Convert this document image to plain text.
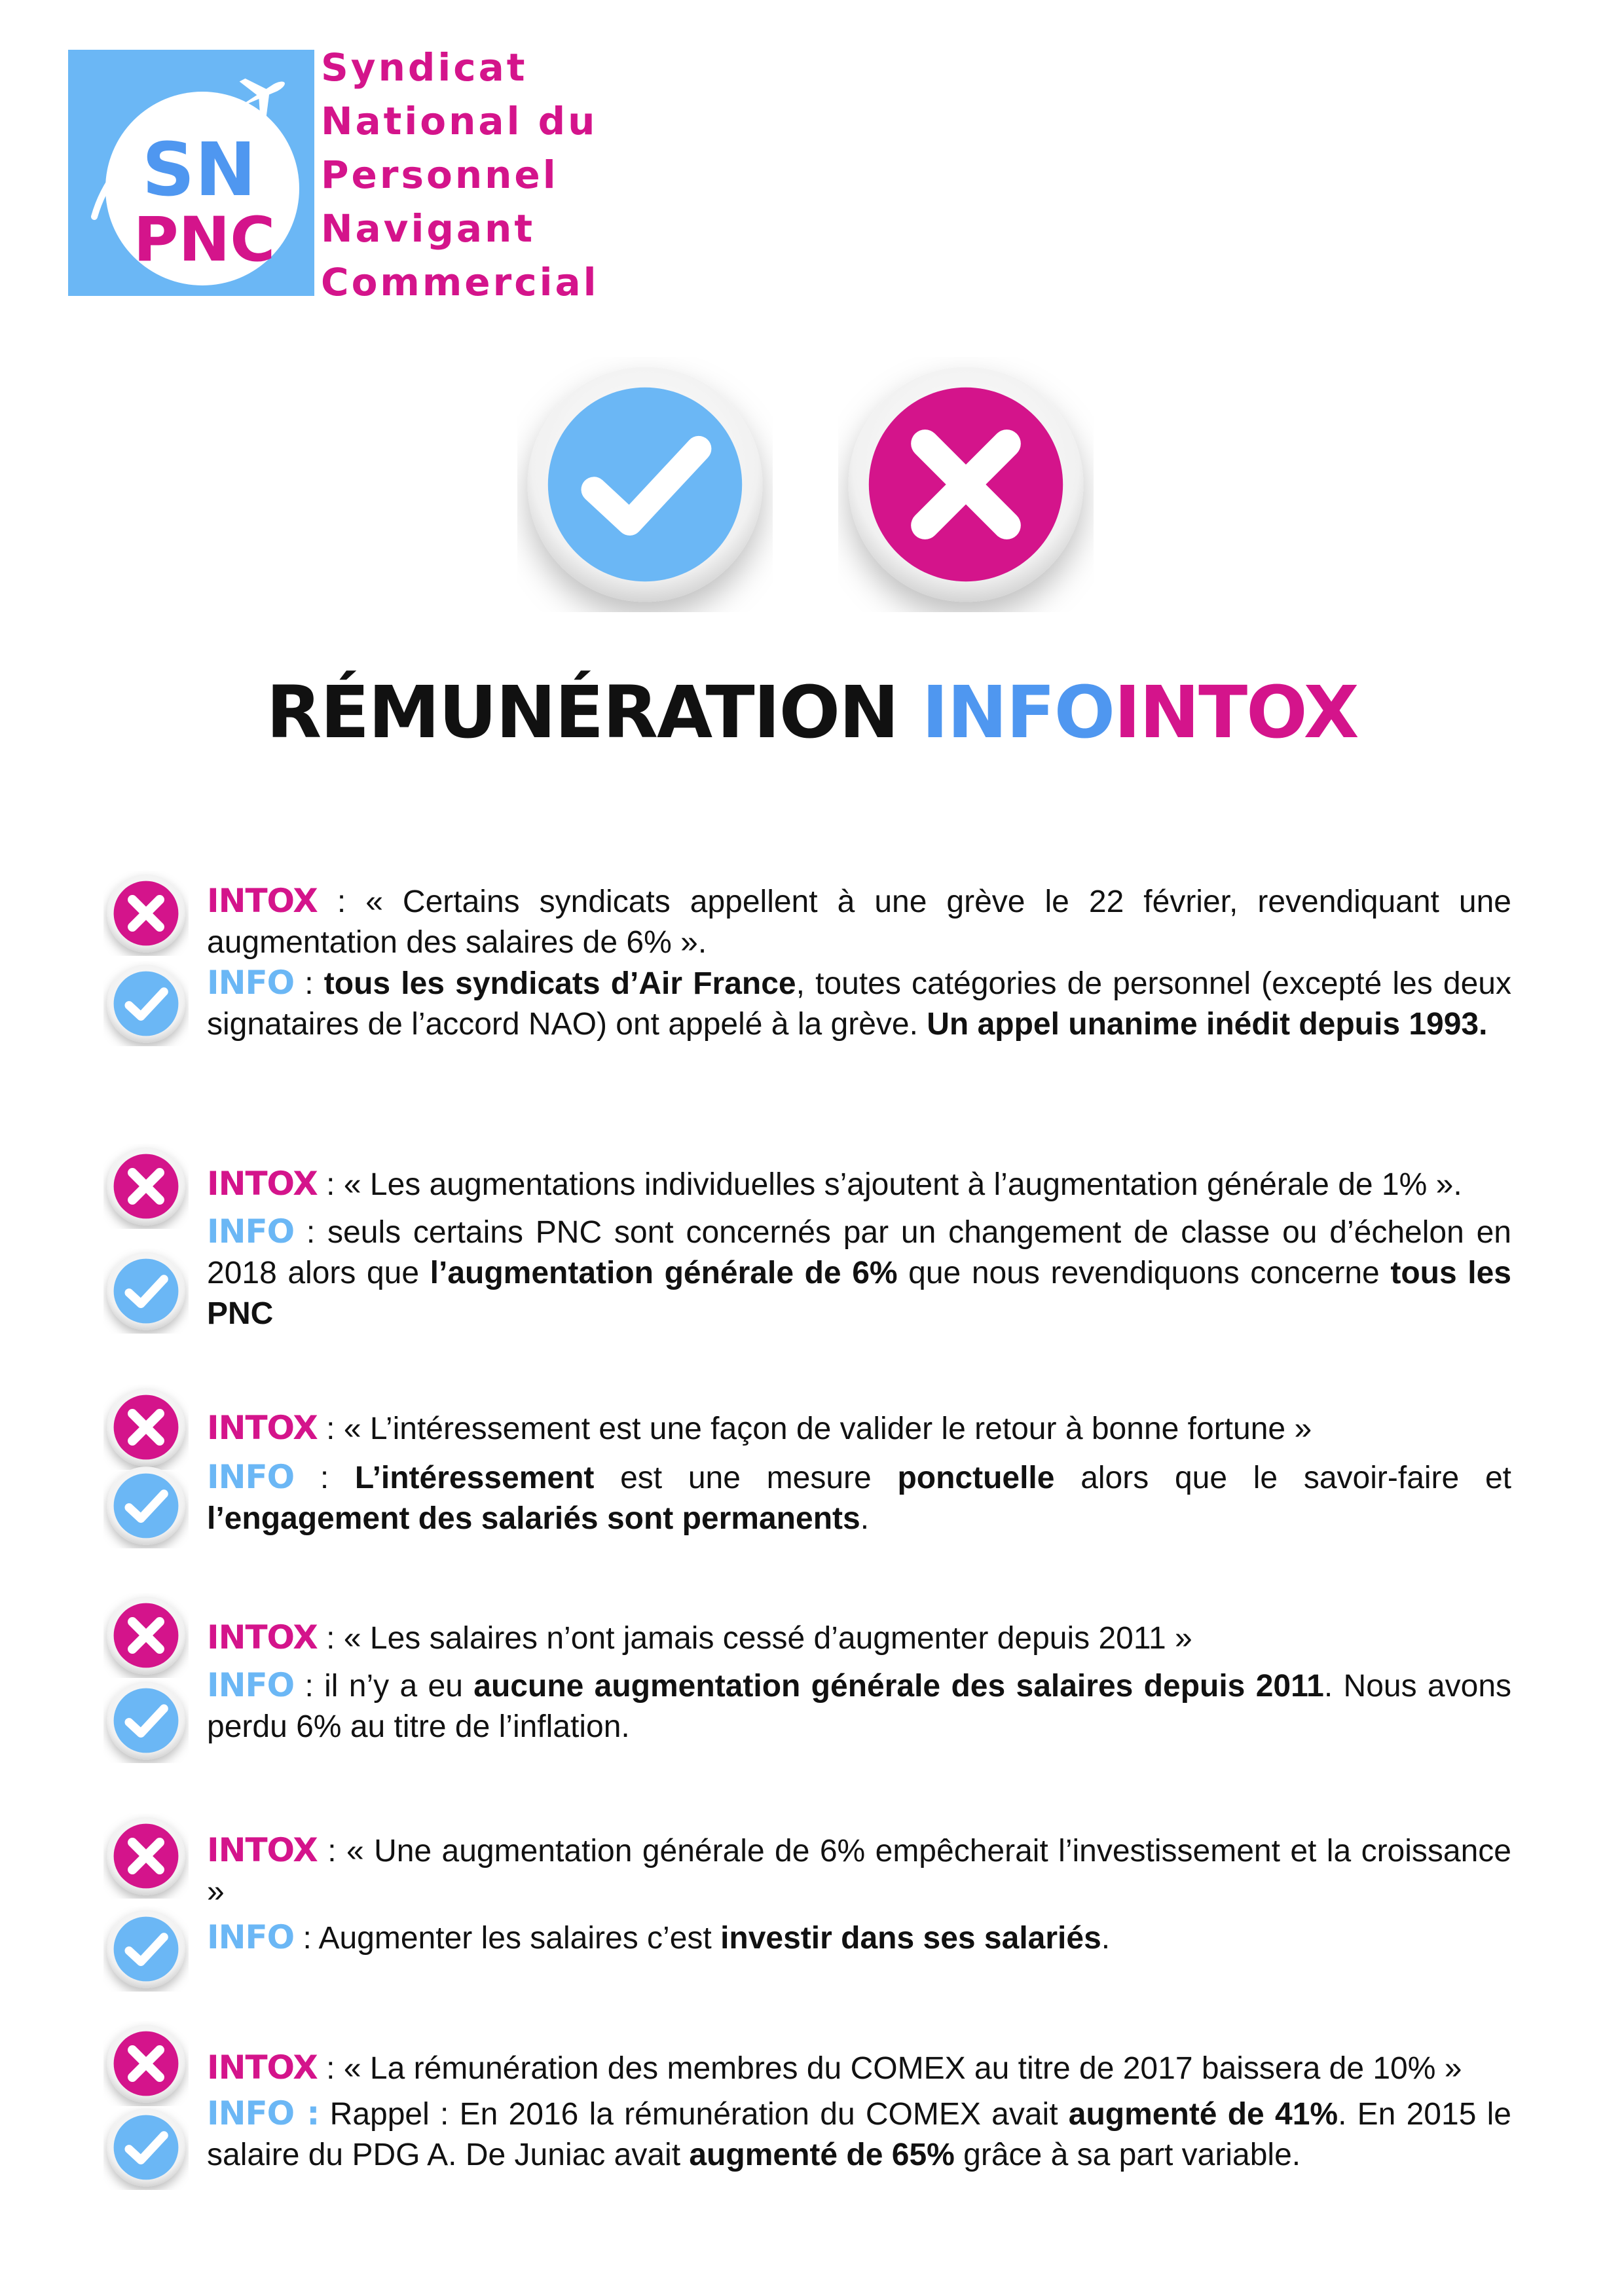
SN
PNC
Syndicat
National du
Personnel
Navigant
Commercial
RÉMUNÉRATION INFOINTOX

INTOX : « Certains syndicats appellent à une grève le 22 février, revendiquant une augmentation des salaires de 6% ».

INFO : tous les syndicats d’Air France, toutes catégories de personnel (excepté les deux signataires de l’accord NAO) ont appelé à la grève. Un appel unanime inédit depuis 1993.

INTOX : « Les augmentations individuelles s’ajoutent à l’augmentation générale de 1% ».

INFO : seuls certains PNC sont concernés par un changement de classe ou d’échelon en 2018 alors que l’augmentation générale de 6% que nous revendiquons concerne tous les PNC

INTOX : « L’intéressement est une façon de valider le retour à bonne fortune »

INFO : L’intéressement est une mesure ponctuelle alors que le savoir-faire et l’engagement des salariés sont permanents.

INTOX : « Les salaires n’ont jamais cessé d’augmenter depuis 2011 »

INFO : il n’y a eu aucune augmentation générale des salaires depuis 2011. Nous avons perdu 6% au titre de l’inflation.

INTOX : « Une augmentation générale de 6% empêcherait l’investissement et la croissance »

INFO : Augmenter les salaires c’est investir dans ses salariés.

INTOX : « La rémunération des membres du COMEX au titre de 2017 baissera de 10% »

INFO : Rappel : En 2016 la rémunération du COMEX avait augmenté de 41%. En 2015 le salaire du PDG A. De Juniac avait augmenté de 65% grâce à sa part variable.
